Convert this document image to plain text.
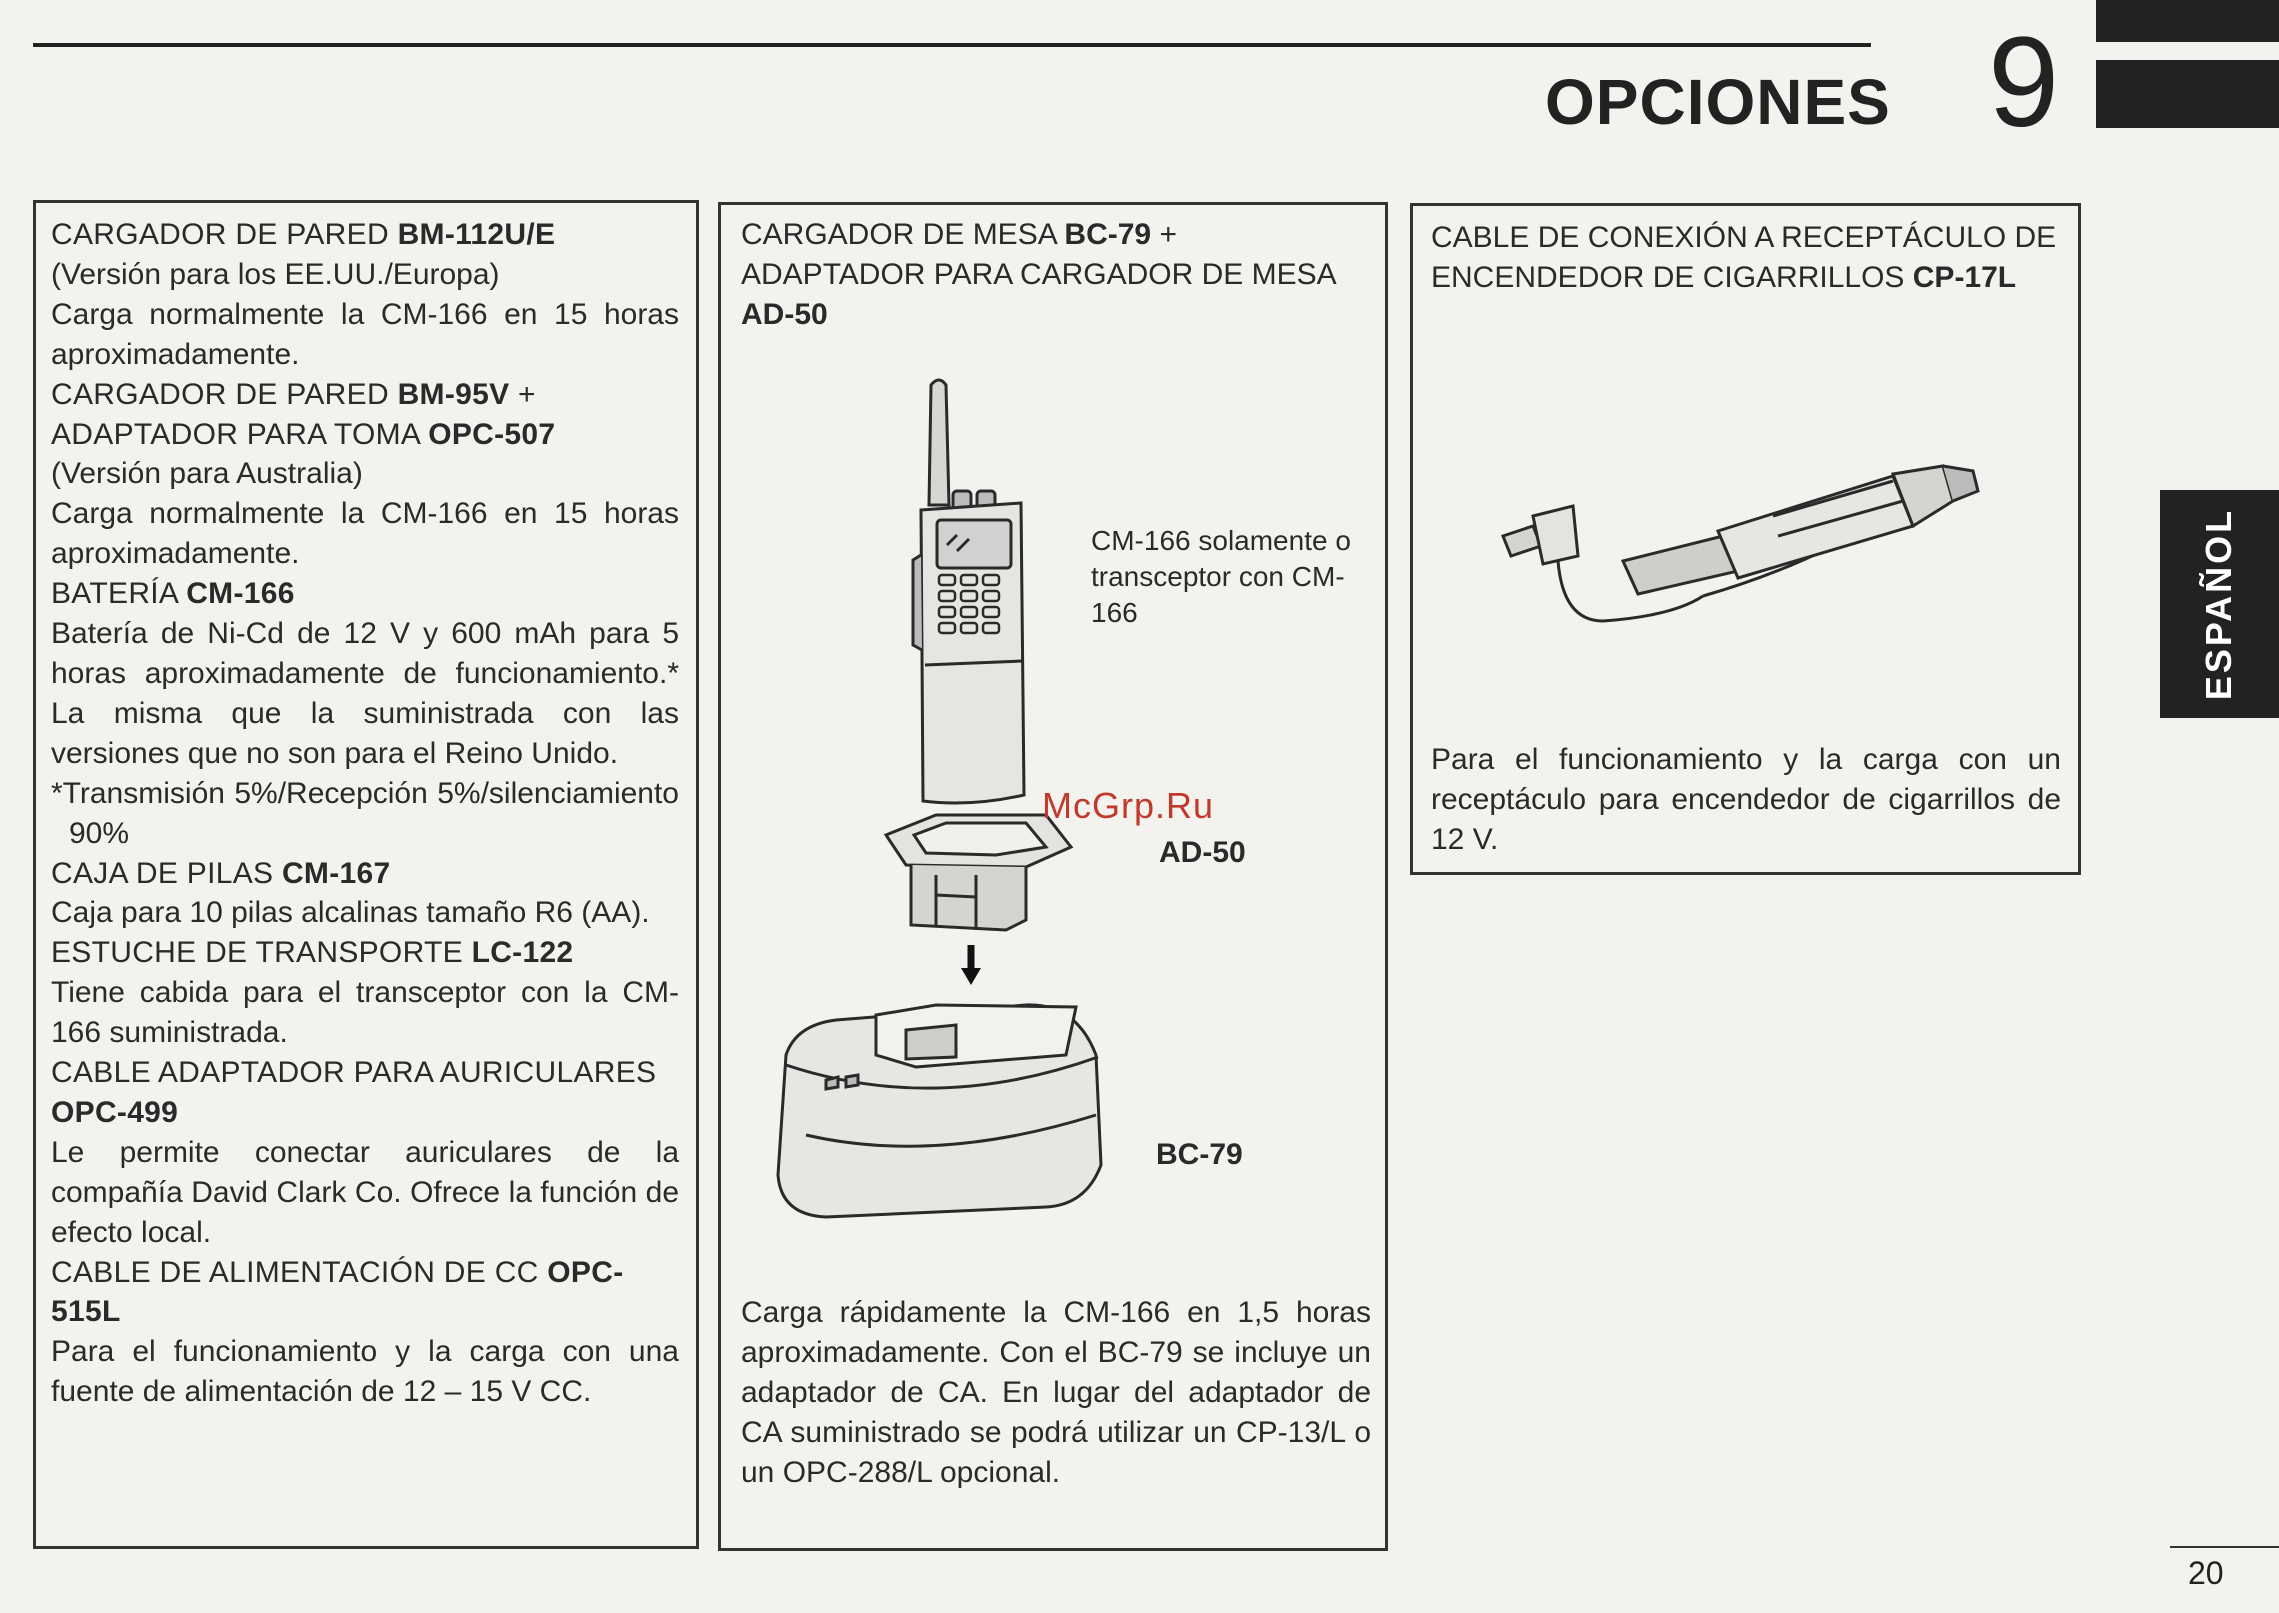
OPCIONES 9
ESPAÑOL
CARGADOR DE PARED BM-112U/E

(Versión para los EE.UU./Europa)

Carga normalmente la CM-166 en 15 horas aproximadamente.

CARGADOR DE PARED BM-95V +
ADAPTADOR PARA TOMA OPC-507

(Versión para Australia)

Carga normalmente la CM-166 en 15 horas aproximadamente.

BATERÍA CM-166

Batería de Ni-Cd de 12 V y 600 mAh para 5 horas aproximadamente de funcionamiento.* La misma que la suministrada con las versiones que no son para el Reino Unido.

*Transmisión 5%/Recepción 5%/silenciamiento 90%

CAJA DE PILAS CM-167

Caja para 10 pilas alcalinas tamaño R6 (AA).

ESTUCHE DE TRANSPORTE LC-122

Tiene cabida para el transceptor con la CM-166 suministrada.

CABLE ADAPTADOR PARA AURICULARES OPC-499

Le permite conectar auriculares de la compañía David Clark Co. Ofrece la función de efecto local.

CABLE DE ALIMENTACIÓN DE CC OPC-515L

Para el funcionamiento y la carga con una fuente de alimentación de 12 – 15 V CC.

CARGADOR DE MESA BC-79 + ADAPTADOR PARA CARGADOR DE MESA AD-50
CM-166 solamente o transceptor con CM-166
AD-50
BC-79
Carga rápidamente la CM-166 en 1,5 horas aproximadamente. Con el BC-79 se incluye un adaptador de CA. En lugar del adaptador de CA suministrado se podrá utilizar un CP-13/L o un OPC-288/L opcional.
CABLE DE CONEXIÓN A RECEPTÁCULO DE ENCENDEDOR DE CIGARRILLOS CP-17L
Para el funcionamiento y la carga con un receptáculo para encendedor de cigarrillos de 12 V.
McGrp.Ru
20
